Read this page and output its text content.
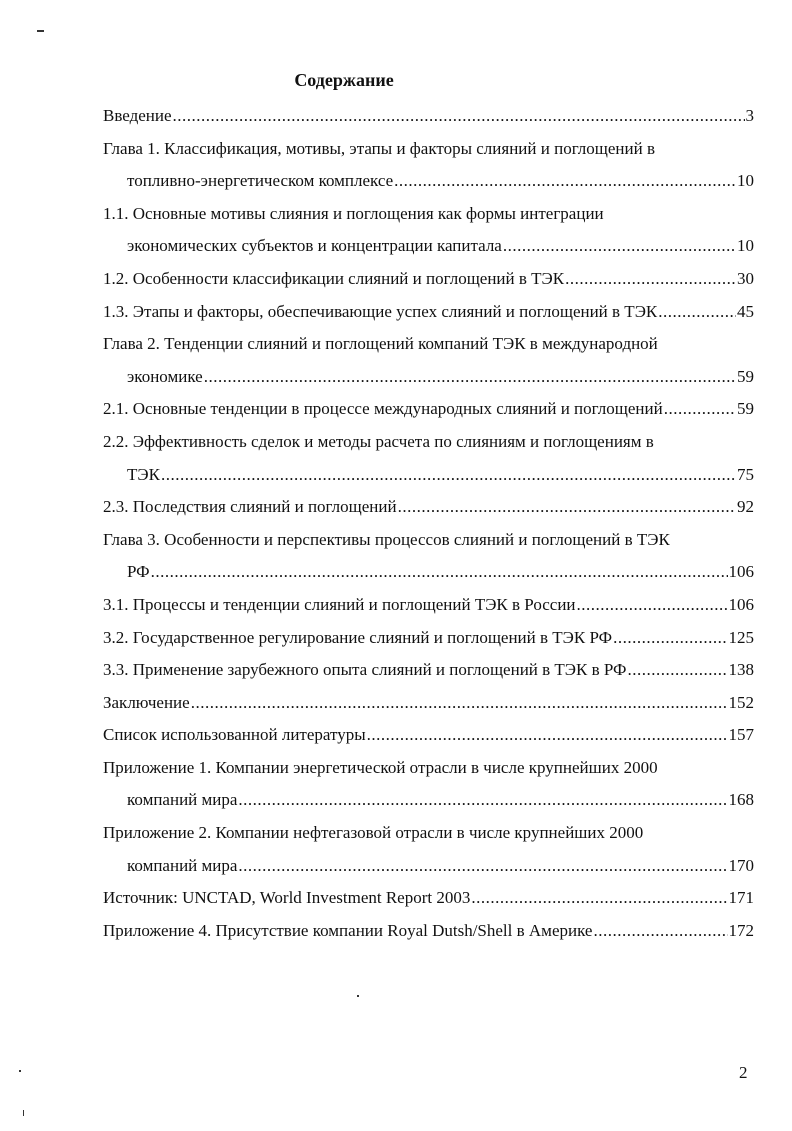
Содержание
Введение .....	3
Глава 1. Классификация, мотивы, этапы и факторы слияний и поглощений в
топливно-энергетическом комплексе .....	10
1.1. Основные мотивы слияния и поглощения как формы интеграции
экономических субъектов и концентрации капитала .....	10
1.2. Особенности классификации слияний и поглощений в ТЭК .....	30
1.3. Этапы и факторы, обеспечивающие успех слияний и поглощений в ТЭК .....	45
Глава 2. Тенденции слияний и поглощений компаний ТЭК в международной
экономике .....	59
2.1. Основные тенденции в процессе международных слияний и поглощений .....	59
2.2. Эффективность сделок и методы расчета по слияниям и поглощениям в
ТЭК .....	75
2.3. Последствия слияний и поглощений .....	92
Глава 3. Особенности и перспективы процессов слияний и поглощений в ТЭК
РФ .....	106
3.1. Процессы и тенденции слияний и поглощений ТЭК в России .....	106
3.2. Государственное регулирование слияний и поглощений в ТЭК РФ .....	125
3.3. Применение зарубежного опыта слияний и поглощений в ТЭК в РФ .....	138
Заключение .....	152
Список использованной литературы .....	157
Приложение 1. Компании энергетической отрасли в числе крупнейших 2000
компаний мира .....	168
Приложение 2. Компании нефтегазовой отрасли в числе крупнейших 2000
компаний мира .....	170
Источник: UNCTAD, World Investment Report 2003 .....	171
Приложение 4. Присутствие компании Royal Dutsh/Shell в Америке .....	172
2
